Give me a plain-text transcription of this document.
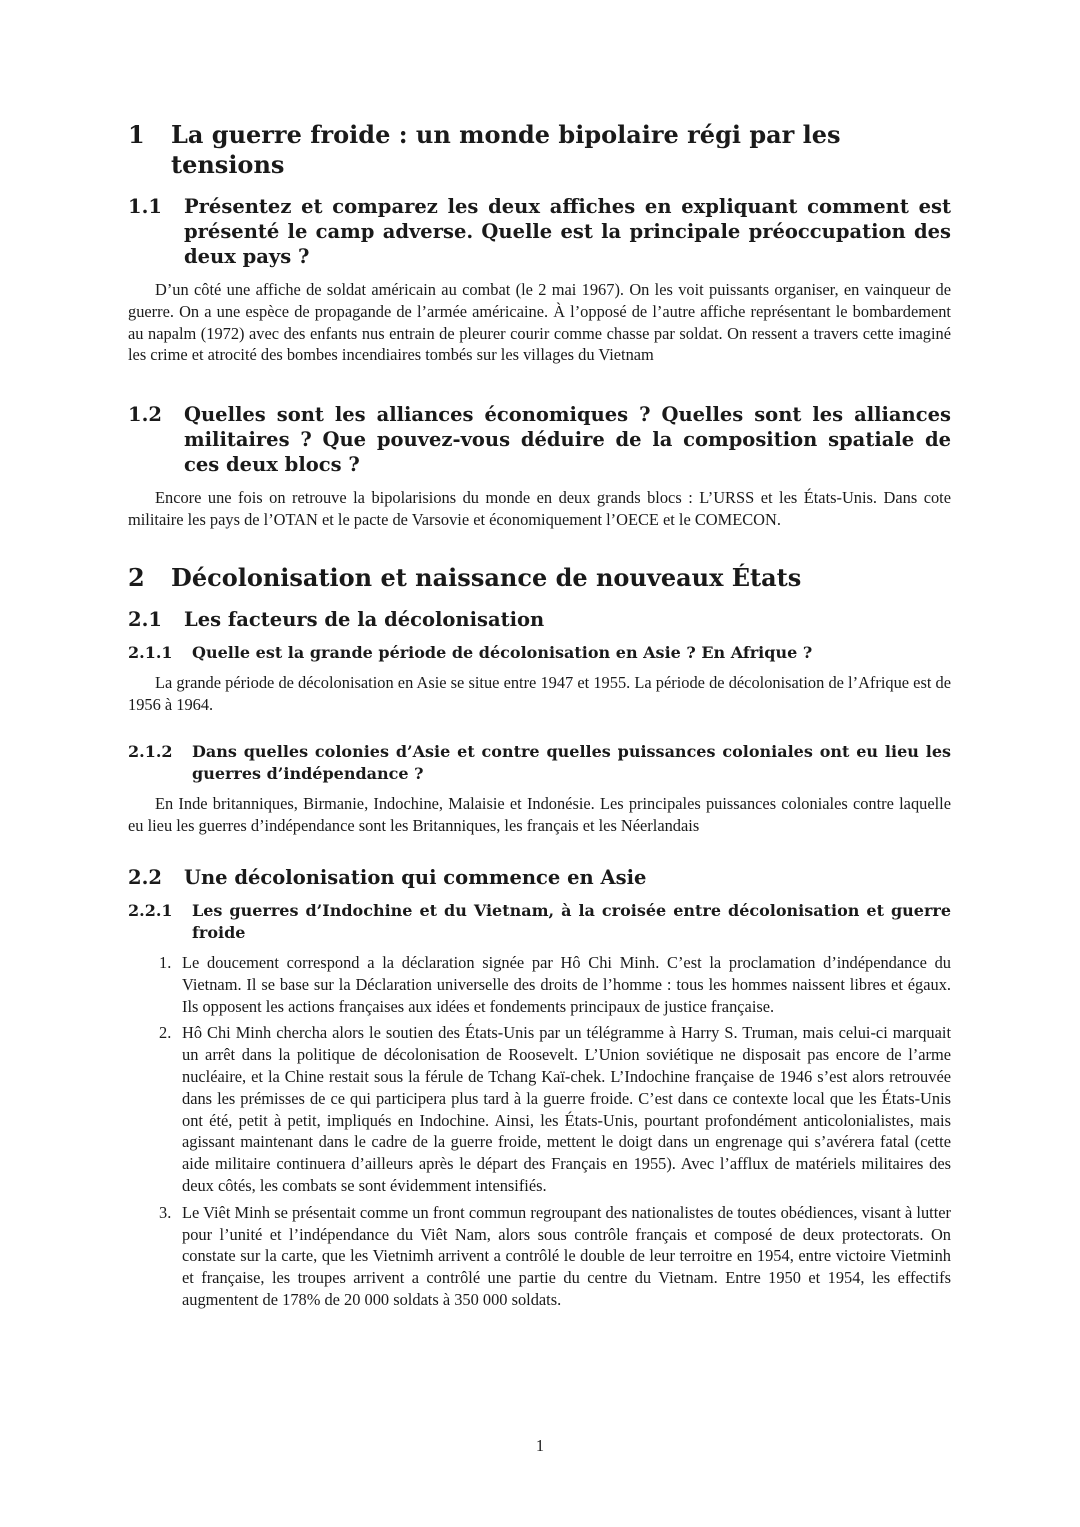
1	La guerre froide : un monde bipolaire régi par les tensions
1.1	Présentez et comparez les deux affiches en expliquant comment est présenté le camp adverse. Quelle est la principale préoccupation des deux pays ?

D’un côté une affiche de soldat américain au combat (le 2 mai 1967). On les voit puissants organiser, en vainqueur de guerre. On a une espèce de propagande de l’armée américaine. À l’opposé de l’autre affiche représentant le bombardement au napalm (1972) avec des enfants nus entrain de pleurer courir comme chasse par soldat. On ressent a travers cette imaginé les crime et atrocité des bombes incendiaires tombés sur les villages du Vietnam

1.2	Quelles sont les alliances économiques ? Quelles sont les alliances militaires ? Que pouvez-vous déduire de la composition spatiale de ces deux blocs ?

Encore une fois on retrouve la bipolarisions du monde en deux grands blocs : L’URSS et les États-Unis. Dans cote militaire les pays de l’OTAN et le pacte de Varsovie et économiquement l’OECE et le COMECON.

2	Décolonisation et naissance de nouveaux États
2.1	Les facteurs de la décolonisation
2.1.1	Quelle est la grande période de décolonisation en Asie ? En Afrique ?

La grande période de décolonisation en Asie se situe entre 1947 et 1955. La période de décolonisation de l’Afrique est de 1956 à 1964.

2.1.2	Dans quelles colonies d’Asie et contre quelles puissances coloniales ont eu lieu les guerres d’indépendance ?

En Inde britanniques, Birmanie, Indochine, Malaisie et Indonésie. Les principales puissances coloniales contre laquelle eu lieu les guerres d’indépendance sont les Britanniques, les français et les Néerlandais

2.2	Une décolonisation qui commence en Asie
2.2.1	Les guerres d’Indochine et du Vietnam, à la croisée entre décolonisation et guerre froide
1. Le doucement correspond a la déclaration signée par Hô Chi Minh. C’est la proclamation d’indépendance du Vietnam. Il se base sur la Déclaration universelle des droits de l’homme : tous les hommes naissent libres et égaux. Ils opposent les actions françaises aux idées et fondements principaux de justice française.
2. Hô Chi Minh chercha alors le soutien des États-Unis par un télégramme à Harry S. Truman, mais celui-ci marquait un arrêt dans la politique de décolonisation de Roosevelt. L’Union soviétique ne disposait pas encore de l’arme nucléaire, et la Chine restait sous la férule de Tchang Kaï-chek. L’Indochine française de 1946 s’est alors retrouvée dans les prémisses de ce qui participera plus tard à la guerre froide. C’est dans ce contexte local que les États-Unis ont été, petit à petit, impliqués en Indochine. Ainsi, les États-Unis, pourtant profondément anticolonialistes, mais agissant maintenant dans le cadre de la guerre froide, mettent le doigt dans un engrenage qui s’avérera fatal (cette aide militaire continuera d’ailleurs après le départ des Français en 1955). Avec l’afflux de matériels militaires des deux côtés, les combats se sont évidemment intensifiés.
3. Le Viêt Minh se présentait comme un front commun regroupant des nationalistes de toutes obédiences, visant à lutter pour l’unité et l’indépendance du Viêt Nam, alors sous contrôle français et composé de deux protectorats. On constate sur la carte, que les Vietnimh arrivent a contrôlé le double de leur terroitre en 1954, entre victoire Vietminh et française, les troupes arrivent a contrôlé une partie du centre du Vietnam. Entre 1950 et 1954, les effectifs augmentent de 178% de 20 000 soldats à 350 000 soldats.
1
